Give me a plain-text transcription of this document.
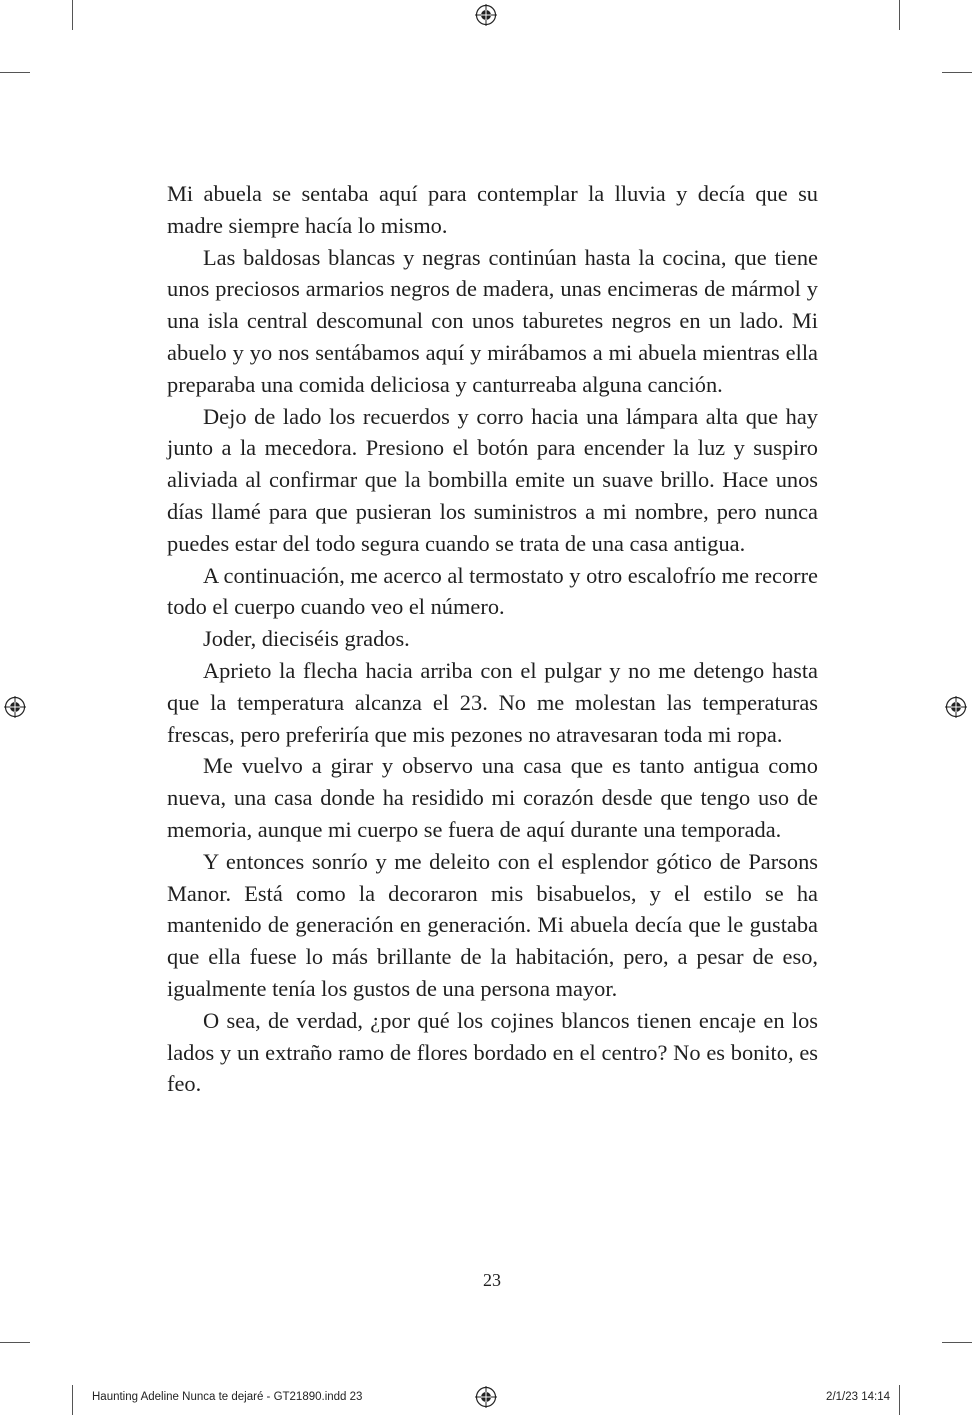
Mi abuela se sentaba aquí para contemplar la lluvia y decía que su madre siempre hacía lo mismo.

Las baldosas blancas y negras continúan hasta la cocina, que tiene unos preciosos armarios negros de madera, unas encimeras de mármol y una isla central descomunal con unos taburetes negros en un lado. Mi abuelo y yo nos sentábamos aquí y mirábamos a mi abuela mientras ella preparaba una comida deliciosa y canturreaba alguna canción.

Dejo de lado los recuerdos y corro hacia una lámpara alta que hay junto a la mecedora. Presiono el botón para encender la luz y suspiro aliviada al confirmar que la bombilla emite un suave brillo. Hace unos días llamé para que pusieran los suministros a mi nombre, pero nunca puedes estar del todo segura cuando se trata de una casa antigua.

A continuación, me acerco al termostato y otro escalofrío me recorre todo el cuerpo cuando veo el número.

Joder, dieciséis grados.

Aprieto la flecha hacia arriba con el pulgar y no me detengo hasta que la temperatura alcanza el 23. No me molestan las temperaturas frescas, pero preferiría que mis pezones no atravesaran toda mi ropa.

Me vuelvo a girar y observo una casa que es tanto antigua como nueva, una casa donde ha residido mi corazón desde que tengo uso de memoria, aunque mi cuerpo se fuera de aquí durante una temporada.

Y entonces sonrío y me deleito con el esplendor gótico de Parsons Manor. Está como la decoraron mis bisabuelos, y el estilo se ha mantenido de generación en generación. Mi abuela decía que le gustaba que ella fuese lo más brillante de la habitación, pero, a pesar de eso, igualmente tenía los gustos de una persona mayor.

O sea, de verdad, ¿por qué los cojines blancos tienen encaje en los lados y un extraño ramo de flores bordado en el centro? No es bonito, es feo.

23
Haunting Adeline Nunca te dejaré - GT21890.indd 23	2/1/23 14:14
